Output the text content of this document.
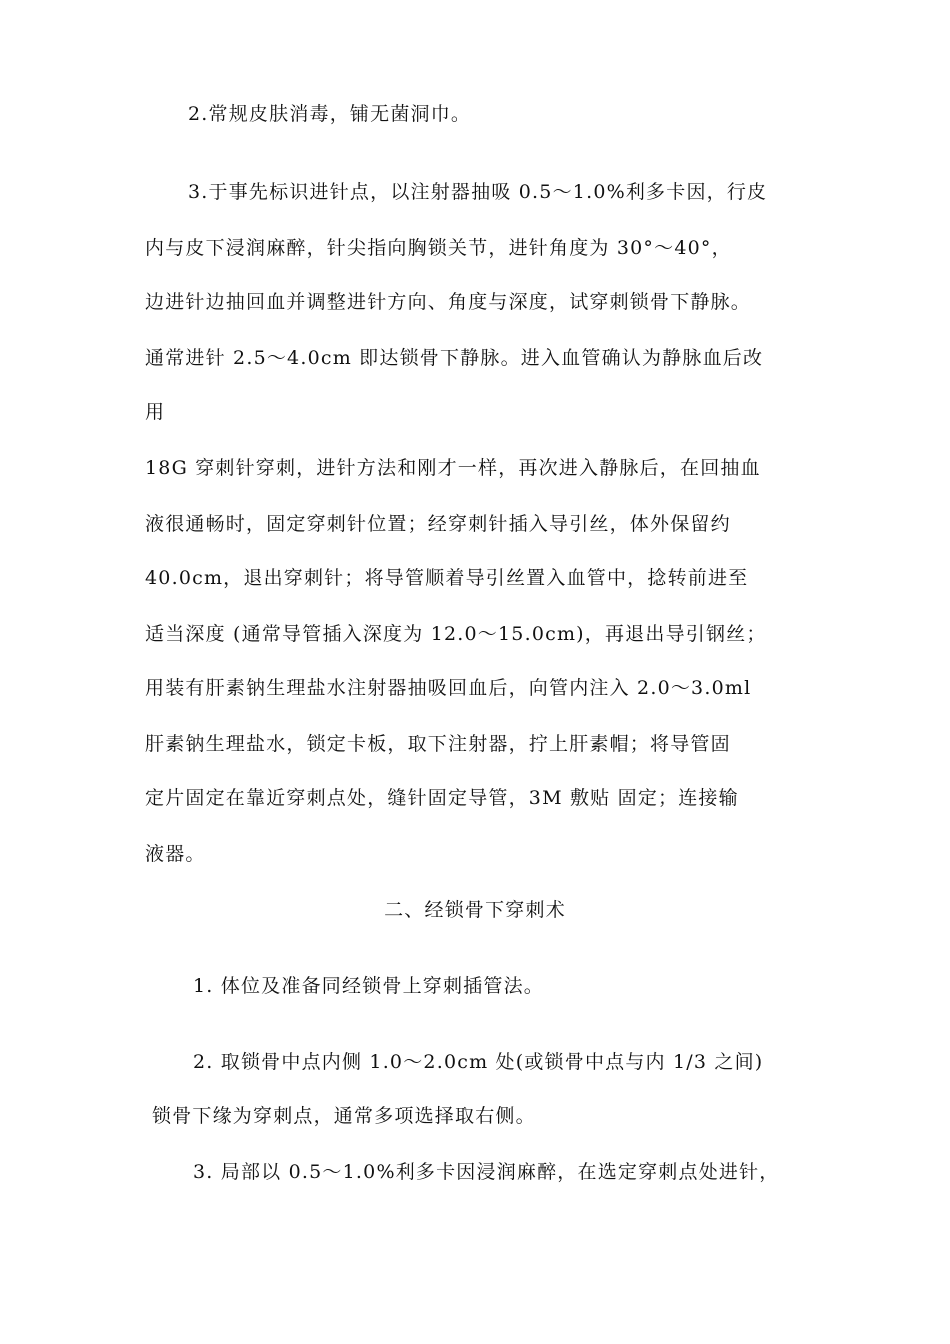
2.常规皮肤消毒，铺无菌洞巾。
3.于事先标识进针点，以注射器抽吸 0.5～1.0%利多卡因，行皮
内与皮下浸润麻醉，针尖指向胸锁关节，进针角度为 30°～40°，
边进针边抽回血并调整进针方向、角度与深度，试穿刺锁骨下静脉。
通常进针 2.5～4.0cm 即达锁骨下静脉。进入血管确认为静脉血后改
用
18G 穿刺针穿刺，进针方法和刚才一样，再次进入静脉后，在回抽血
液很通畅时，固定穿刺针位置；经穿刺针插入导引丝，体外保留约
40.0cm，退出穿刺针；将导管顺着导引丝置入血管中，捻转前进至
适当深度 (通常导管插入深度为 12.0～15.0cm)，再退出导引钢丝；
用装有肝素钠生理盐水注射器抽吸回血后，向管内注入 2.0～3.0ml
肝素钠生理盐水，锁定卡板，取下注射器，拧上肝素帽；将导管固
定片固定在靠近穿刺点处，缝针固定导管，3M 敷贴 固定；连接输
液器。
二、经锁骨下穿刺术
1. 体位及准备同经锁骨上穿刺插管法。
2. 取锁骨中点内侧 1.0～2.0cm 处(或锁骨中点与内 1/3 之间)
锁骨下缘为穿刺点，通常多项选择取右侧。
3. 局部以 0.5～1.0%利多卡因浸润麻醉，在选定穿刺点处进针，
